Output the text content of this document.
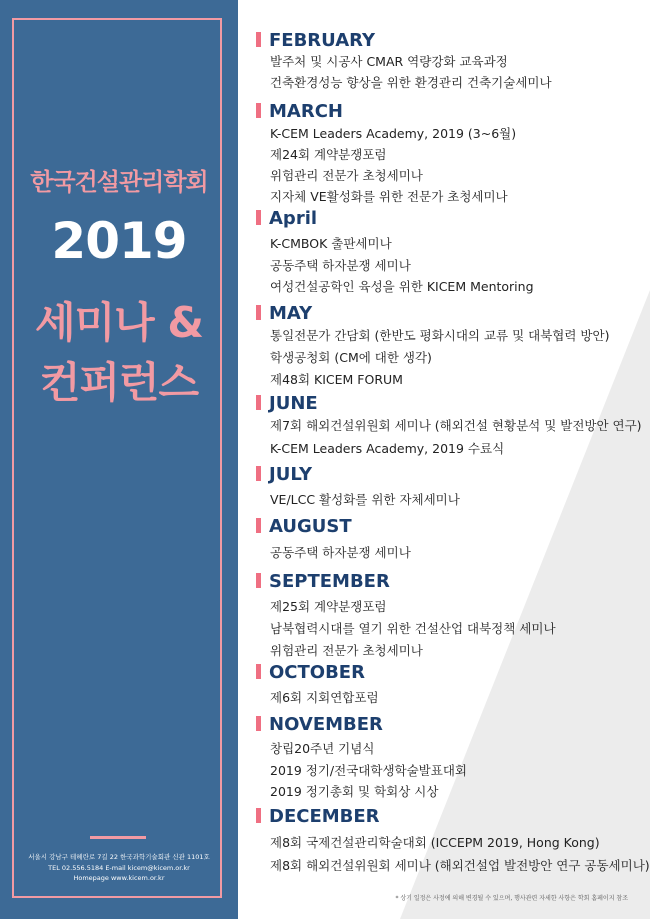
한국건설관리학회
2019
세미나 &
컨퍼런스
서울시 강남구 테헤란로 7길 22 한국과학기술회관 신관 1101호
TEL 02.556.5184 E-mail kicem@kicem.or.kr
Homepage www.kicem.or.kr
FEBRUARY
발주처 및 시공사 CMAR 역량강화 교육과정
건축환경성능 향상을 위한 환경관리 건축기술세미나
MARCH
K-CEM Leaders Academy, 2019 (3~6월)
제24회 계약분쟁포럼
위험관리 전문가 초청세미나
지자체 VE활성화를 위한 전문가 초청세미나
April
K-CMBOK 출판세미나
공동주택 하자분쟁 세미나
여성건설공학인 육성을 위한 KICEM Mentoring
MAY
통일전문가 간담회 (한반도 평화시대의 교류 및 대북협력 방안)
학생공청회 (CM에 대한 생각)
제48회 KICEM FORUM
JUNE
제7회 해외건설위원회 세미나 (해외건설 현황분석 및 발전방안 연구)
K-CEM Leaders Academy, 2019 수료식
JULY
VE/LCC 활성화를 위한 자체세미나
AUGUST
공동주택 하자분쟁 세미나
SEPTEMBER
제25회 계약분쟁포럼
남북협력시대를 열기 위한 건설산업 대북정책 세미나
위험관리 전문가 초청세미나
OCTOBER
제6회 지회연합포럼
NOVEMBER
창립20주년 기념식
2019 정기/전국대학생학술발표대회
2019 정기총회 및 학회상 시상
DECEMBER
제8회 국제건설관리학술대회 (ICCEPM 2019, Hong Kong)
제8회 해외건설위원회 세미나 (해외건설업 발전방안 연구 공동세미나)
* 상기 일정은 사정에 의해 변경될 수 있으며, 행사관련 자세한 사항은 학회 홈페이지 참조
